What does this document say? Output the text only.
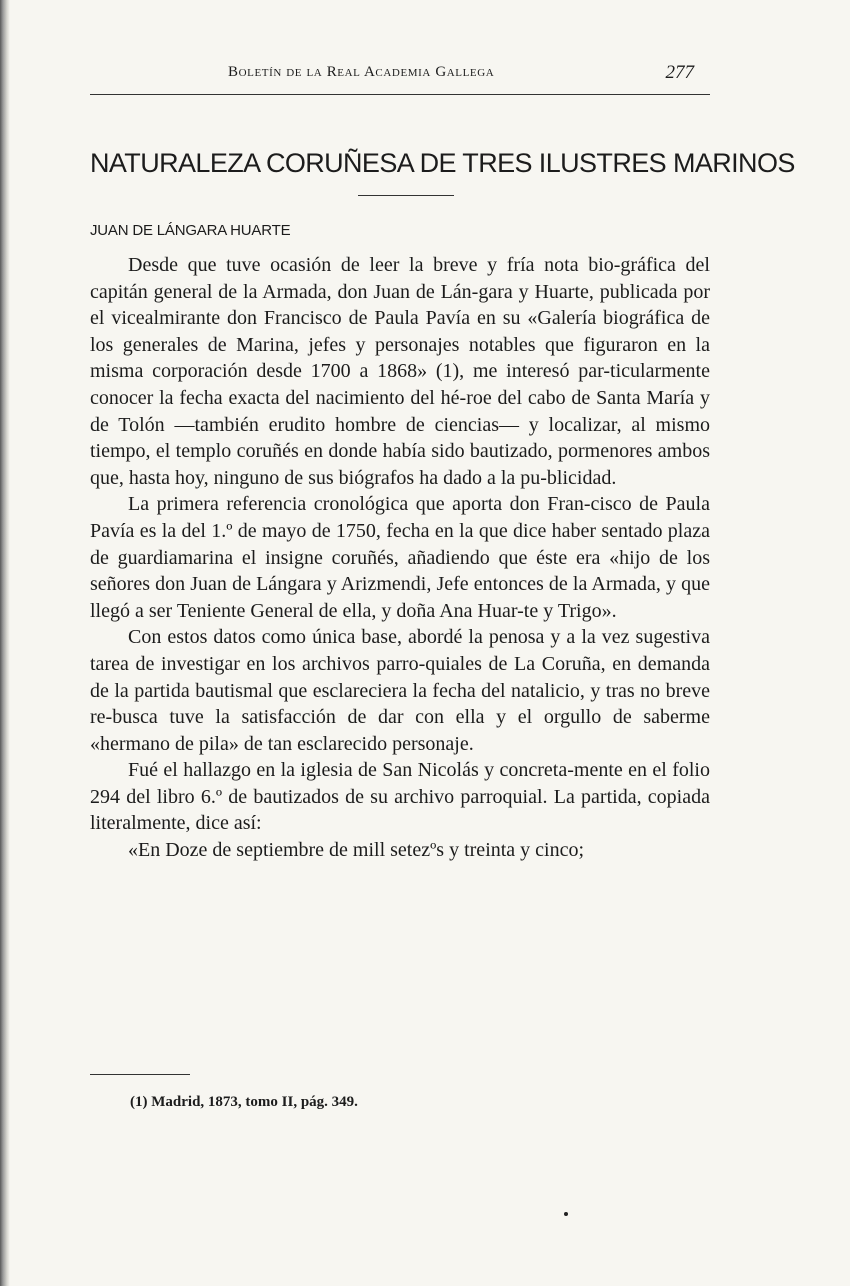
Boletín de la Real Academia Gallega	277
NATURALEZA CORUÑESA DE TRES ILUSTRES MARINOS
JUAN DE LÁNGARA HUARTE

Desde que tuve ocasión de leer la breve y fría nota bio-gráfica del capitán general de la Armada, don Juan de Lán-gara y Huarte, publicada por el vicealmirante don Francisco de Paula Pavía en su «Galería biográfica de los generales de Marina, jefes y personajes notables que figuraron en la misma corporación desde 1700 a 1868» (1), me interesó par-ticularmente conocer la fecha exacta del nacimiento del hé-roe del cabo de Santa María y de Tolón —también erudito hombre de ciencias— y localizar, al mismo tiempo, el templo coruñés en donde había sido bautizado, pormenores ambos que, hasta hoy, ninguno de sus biógrafos ha dado a la pu-blicidad.

La primera referencia cronológica que aporta don Fran-cisco de Paula Pavía es la del 1.º de mayo de 1750, fecha en la que dice haber sentado plaza de guardiamarina el insigne coruñés, añadiendo que éste era «hijo de los señores don Juan de Lángara y Arizmendi, Jefe entonces de la Armada, y que llegó a ser Teniente General de ella, y doña Ana Huar-te y Trigo».

Con estos datos como única base, abordé la penosa y a la vez sugestiva tarea de investigar en los archivos parro-quiales de La Coruña, en demanda de la partida bautismal que esclareciera la fecha del natalicio, y tras no breve re-busca tuve la satisfacción de dar con ella y el orgullo de saberme «hermano de pila» de tan esclarecido personaje.

Fué el hallazgo en la iglesia de San Nicolás y concreta-mente en el folio 294 del libro 6.º de bautizados de su archivo parroquial. La partida, copiada literalmente, dice así:

«En Doze de septiembre de mill setezºs y treinta y cinco;

(1) Madrid, 1873, tomo II, pág. 349.
